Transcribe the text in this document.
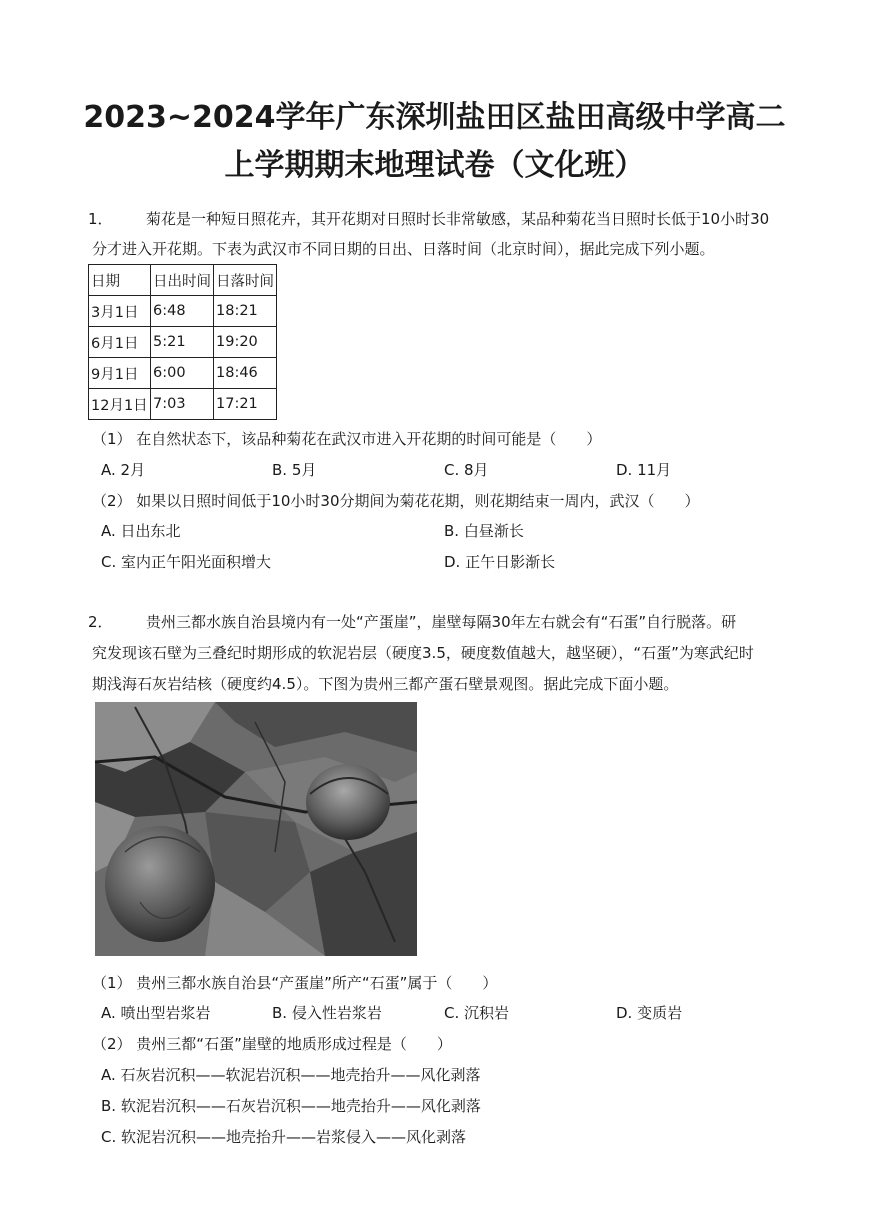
2023~2024学年广东深圳盐田区盐田高级中学高二
上学期期末地理试卷（文化班）
1． 菊花是一种短日照花卉，其开花期对日照时长非常敏感，某品种菊花当日照时长低于10小时30
分才进入开花期。下表为武汉市不同日期的日出、日落时间（北京时间），据此完成下列小题。
日期	日出时间	日落时间
3月1日	6:48	18:21
6月1日	5:21	19:20
9月1日	6:00	18:46
12月1日	7:03	17:21
（1） 在自然状态下，该品种菊花在武汉市进入开花期的时间可能是（　　）
A. 2月	B. 5月	C. 8月	D. 11月
（2） 如果以日照时间低于10小时30分期间为菊花花期，则花期结束一周内，武汉（　　）
A. 日出东北	B. 白昼渐长
C. 室内正午阳光面积增大	D. 正午日影渐长
2． 贵州三都水族自治县境内有一处“产蛋崖”，崖壁每隔30年左右就会有“石蛋”自行脱落。研
究发现该石壁为三叠纪时期形成的软泥岩层（硬度3.5，硬度数值越大，越坚硬），“石蛋”为寒武纪时
期浅海石灰岩结核（硬度约4.5）。下图为贵州三都产蛋石壁景观图。据此完成下面小题。
（1） 贵州三都水族自治县“产蛋崖”所产“石蛋”属于（　　）
A. 喷出型岩浆岩	B. 侵入性岩浆岩	C. 沉积岩	D. 变质岩
（2） 贵州三都“石蛋”崖壁的地质形成过程是（　　）
A. 石灰岩沉积——软泥岩沉积——地壳抬升——风化剥落
B. 软泥岩沉积——石灰岩沉积——地壳抬升——风化剥落
C. 软泥岩沉积——地壳抬升——岩浆侵入——风化剥落
